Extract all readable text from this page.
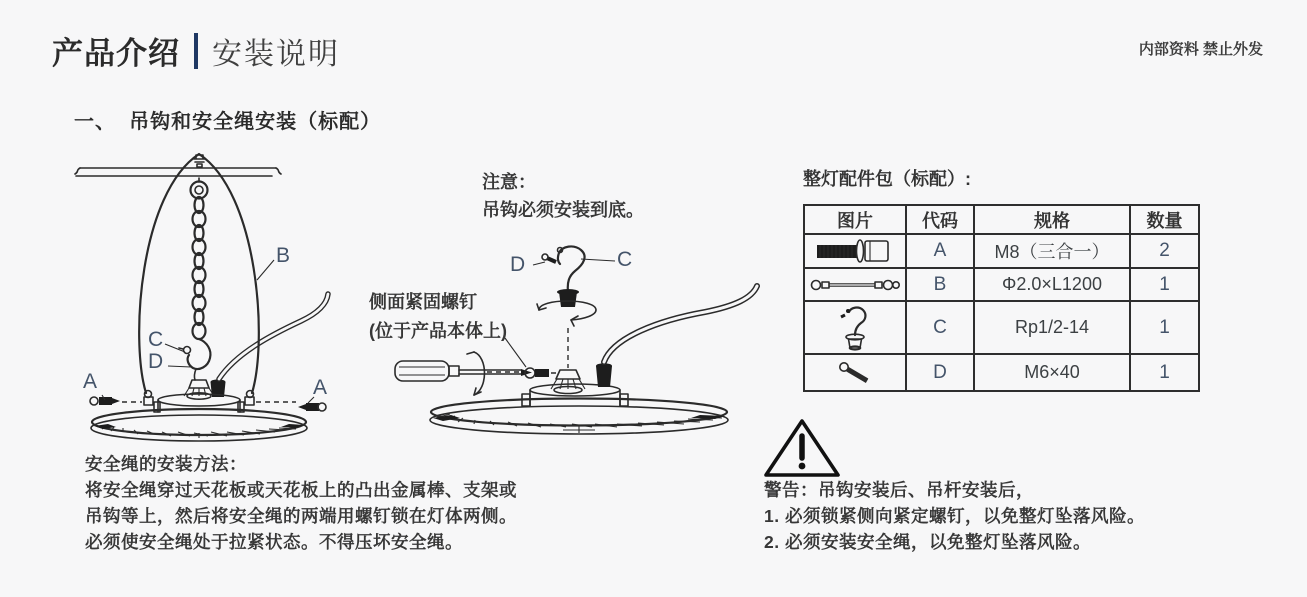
产品介绍 安装说明	内部资料 禁止外发
一、  吊钩和安全绳安装（标配）
A	A
B
C
D
注意：
吊钩必须安装到底。
侧面紧固螺钉
(位于产品本体上)
D	C
整灯配件包（标配）:
图片	代码	规格	数量

	A	M8（三合一）	2

	B	Φ2.0×L1200	1

	C	Rp1/2-14	1

	D	M6×40	1
安全绳的安装方法：
将安全绳穿过天花板或天花板上的凸出金属棒、支架或
吊钩等上，然后将安全绳的两端用螺钉锁在灯体两侧。
必须使安全绳处于拉紧状态。不得压坏安全绳。
警告：吊钩安装后、吊杆安装后，
1. 必须锁紧侧向紧定螺钉，以免整灯坠落风险。
2. 必须安装安全绳，以免整灯坠落风险。
